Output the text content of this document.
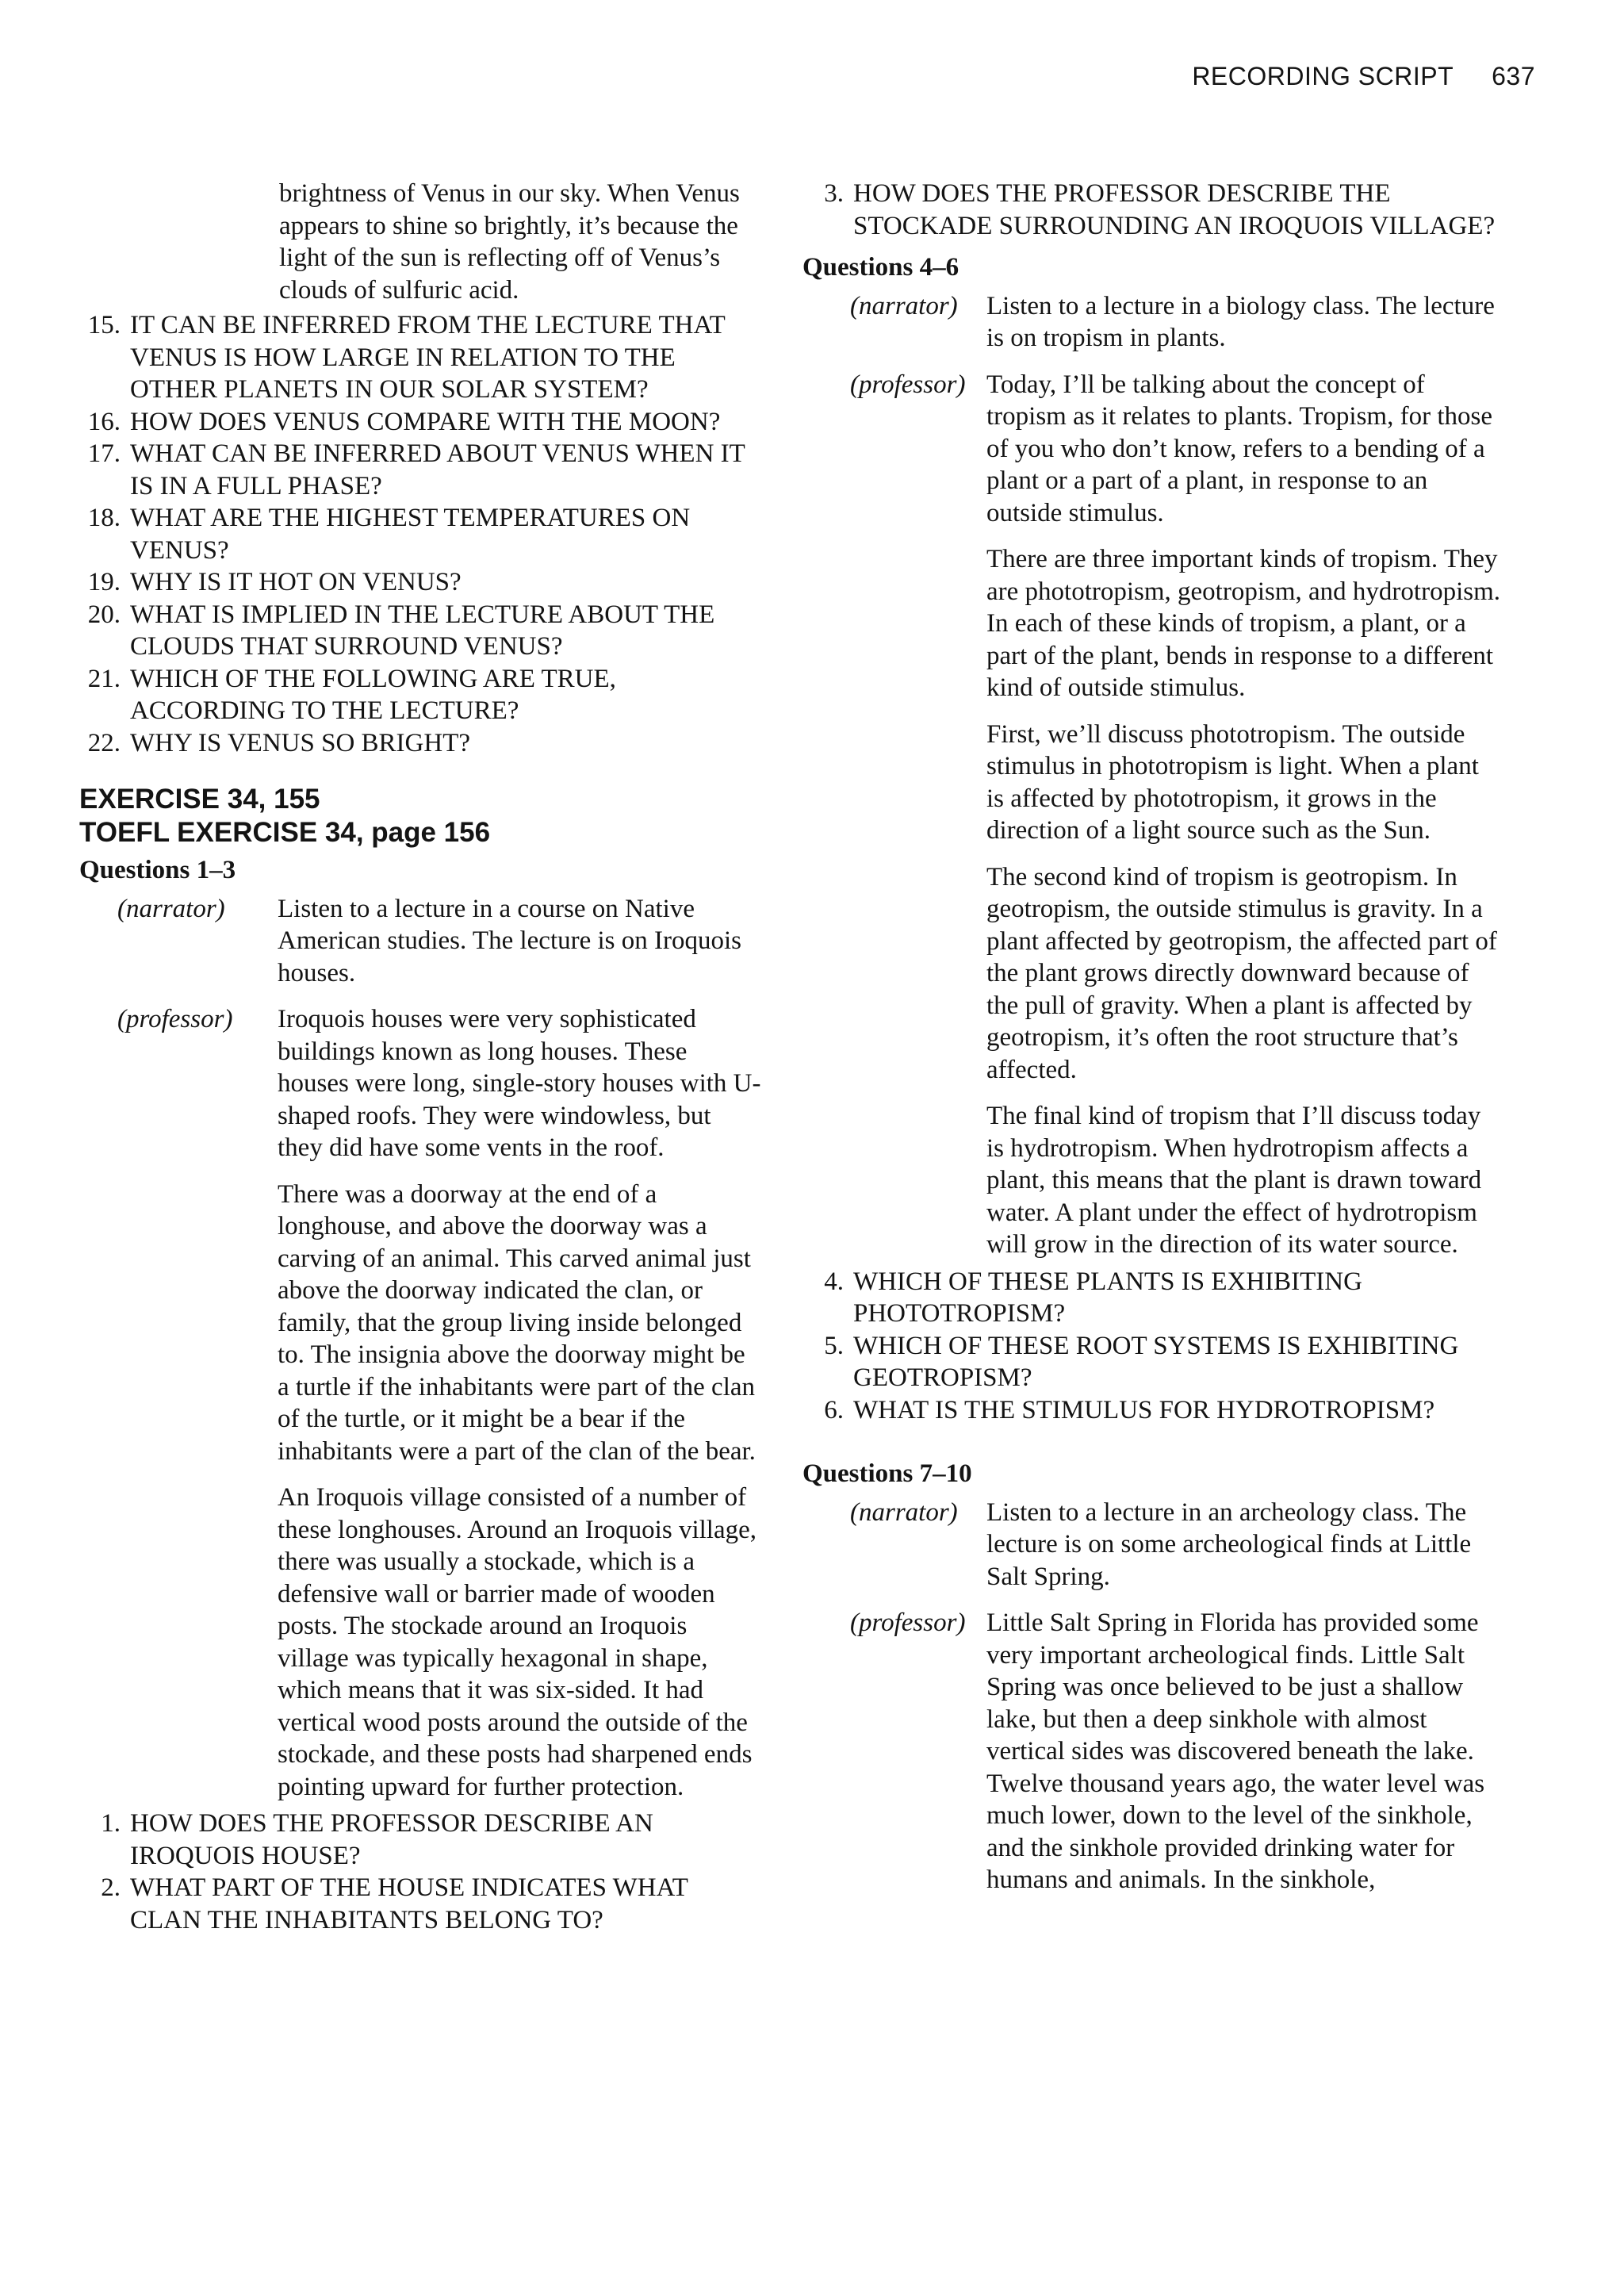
RECORDING SCRIPT 637

brightness of Venus in our sky. When Venus appears to shine so brightly, it’s because the light of the sun is reflecting off of Venus’s clouds of sulfuric acid.

15. IT CAN BE INFERRED FROM THE LECTURE THAT VENUS IS HOW LARGE IN RELATION TO THE OTHER PLANETS IN OUR SOLAR SYSTEM?
16. HOW DOES VENUS COMPARE WITH THE MOON?
17. WHAT CAN BE INFERRED ABOUT VENUS WHEN IT IS IN A FULL PHASE?
18. WHAT ARE THE HIGHEST TEMPERATURES ON VENUS?
19. WHY IS IT HOT ON VENUS?
20. WHAT IS IMPLIED IN THE LECTURE ABOUT THE CLOUDS THAT SURROUND VENUS?
21. WHICH OF THE FOLLOWING ARE TRUE, ACCORDING TO THE LECTURE?
22. WHY IS VENUS SO BRIGHT?
EXERCISE 34, 155
TOEFL EXERCISE 34, page 156
Questions 1–3
(narrator)	Listen to a lecture in a course on Native American studies. The lecture is on Iroquois houses.

(professor)	Iroquois houses were very sophisticated buildings known as long houses. These houses were long, single-story houses with U-shaped roofs. They were windowless, but they did have some vents in the roof.

There was a doorway at the end of a longhouse, and above the doorway was a carving of an animal. This carved animal just above the doorway indicated the clan, or family, that the group living inside belonged to. The insignia above the doorway might be a turtle if the inhabitants were part of the clan of the turtle, or it might be a bear if the inhabitants were a part of the clan of the bear.

An Iroquois village consisted of a number of these longhouses. Around an Iroquois village, there was usually a stockade, which is a defensive wall or barrier made of wooden posts. The stockade around an Iroquois village was typically hexagonal in shape, which means that it was six-sided. It had vertical wood posts around the outside of the stockade, and these posts had sharpened ends pointing upward for further protection.

1. HOW DOES THE PROFESSOR DESCRIBE AN IROQUOIS HOUSE?
2. WHAT PART OF THE HOUSE INDICATES WHAT CLAN THE INHABITANTS BELONG TO?
3. HOW DOES THE PROFESSOR DESCRIBE THE STOCKADE SURROUNDING AN IROQUOIS VILLAGE?
Questions 4–6
(narrator)	Listen to a lecture in a biology class. The lecture is on tropism in plants.

(professor) Today, I’ll be talking about the concept of tropism as it relates to plants. Tropism, for those of you who don’t know, refers to a bending of a plant or a part of a plant, in response to an outside stimulus.

There are three important kinds of tropism. They are phototropism, geotropism, and hydrotropism. In each of these kinds of tropism, a plant, or a part of the plant, bends in response to a different kind of outside stimulus.

First, we’ll discuss phototropism. The outside stimulus in phototropism is light. When a plant is affected by phototropism, it grows in the direction of a light source such as the Sun.

The second kind of tropism is geotropism. In geotropism, the outside stimulus is gravity. In a plant affected by geotropism, the affected part of the plant grows directly downward because of the pull of gravity. When a plant is affected by geotropism, it’s often the root structure that’s affected.

The final kind of tropism that I’ll discuss today is hydrotropism. When hydrotropism affects a plant, this means that the plant is drawn toward water. A plant under the effect of hydrotropism will grow in the direction of its water source.

4. WHICH OF THESE PLANTS IS EXHIBITING PHOTOTROPISM?
5. WHICH OF THESE ROOT SYSTEMS IS EXHIBITING GEOTROPISM?
6. WHAT IS THE STIMULUS FOR HYDROTROPISM?
Questions 7–10
(narrator)	Listen to a lecture in an archeology class. The lecture is on some archeological finds at Little Salt Spring.

(professor) Little Salt Spring in Florida has provided some very important archeological finds. Little Salt Spring was once believed to be just a shallow lake, but then a deep sinkhole with almost vertical sides was discovered beneath the lake. Twelve thousand years ago, the water level was much lower, down to the level of the sinkhole, and the sinkhole provided drinking water for humans and animals. In the sinkhole,
